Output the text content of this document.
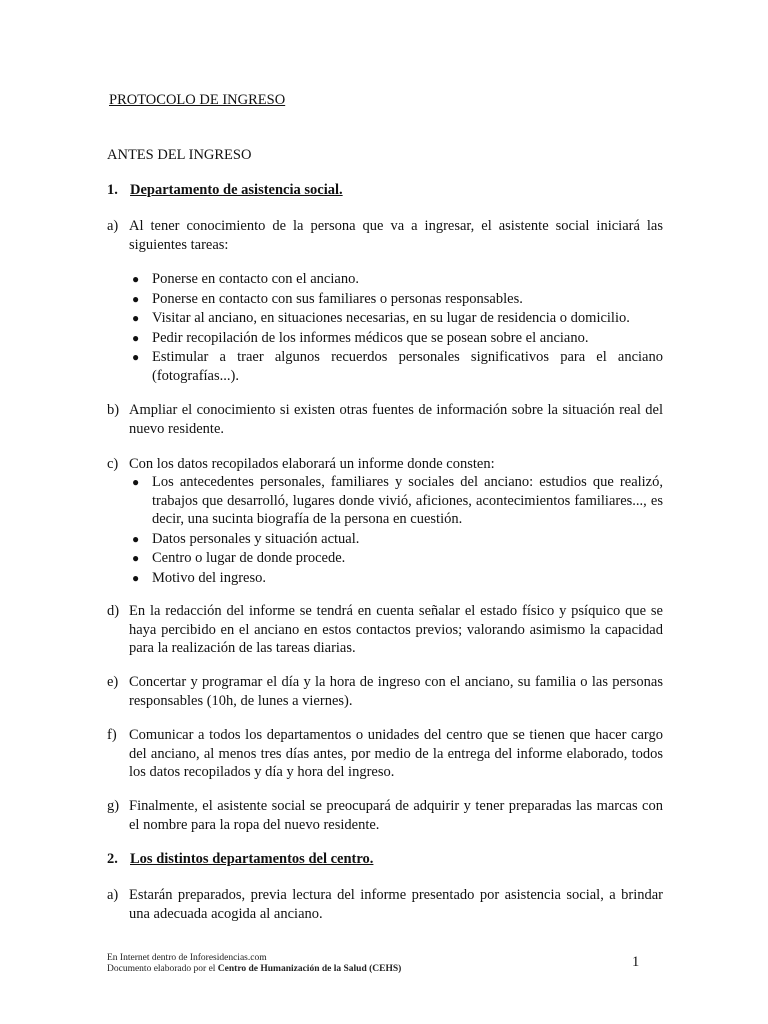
PROTOCOLO DE INGRESO
ANTES DEL INGRESO
1. Departamento de asistencia social.
a) Al tener conocimiento de la persona que va a ingresar, el asistente social iniciará las siguientes tareas:
● Ponerse en contacto con el anciano.
● Ponerse en contacto con sus familiares o personas responsables.
● Visitar al anciano, en situaciones necesarias, en su lugar de residencia o domicilio.
● Pedir recopilación de los informes médicos que se posean sobre el anciano.
● Estimular a traer algunos recuerdos personales significativos para el anciano (fotografías...).
b) Ampliar el conocimiento si existen otras fuentes de información sobre la situación real del nuevo residente.
c) Con los datos recopilados elaborará un informe donde consten:
● Los antecedentes personales, familiares y sociales del anciano: estudios que realizó, trabajos que desarrolló, lugares donde vivió, aficiones, acontecimientos familiares..., es decir, una sucinta biografía de la persona en cuestión.
● Datos personales y situación actual.
● Centro o lugar de donde procede.
● Motivo del ingreso.
d) En la redacción del informe se tendrá en cuenta señalar el estado físico y psíquico que se haya percibido en el anciano en estos contactos previos; valorando asimismo la capacidad para la realización de las tareas diarias.
e) Concertar y programar el día y la hora de ingreso con el anciano, su familia o las personas responsables (10h, de lunes a viernes).
f) Comunicar a todos los departamentos o unidades del centro que se tienen que hacer cargo del anciano, al menos tres días antes, por medio de la entrega del informe elaborado, todos los datos recopilados y día y hora del ingreso.
g) Finalmente, el asistente social se preocupará de adquirir y tener preparadas las marcas con el nombre para la ropa del nuevo residente.
2. Los distintos departamentos del centro.
a) Estarán preparados, previa lectura del informe presentado por asistencia social, a brindar una adecuada acogida al anciano.
En Internet dentro de Inforesidencias.com
Documento elaborado por el Centro de Humanización de la Salud (CEHS)	1
